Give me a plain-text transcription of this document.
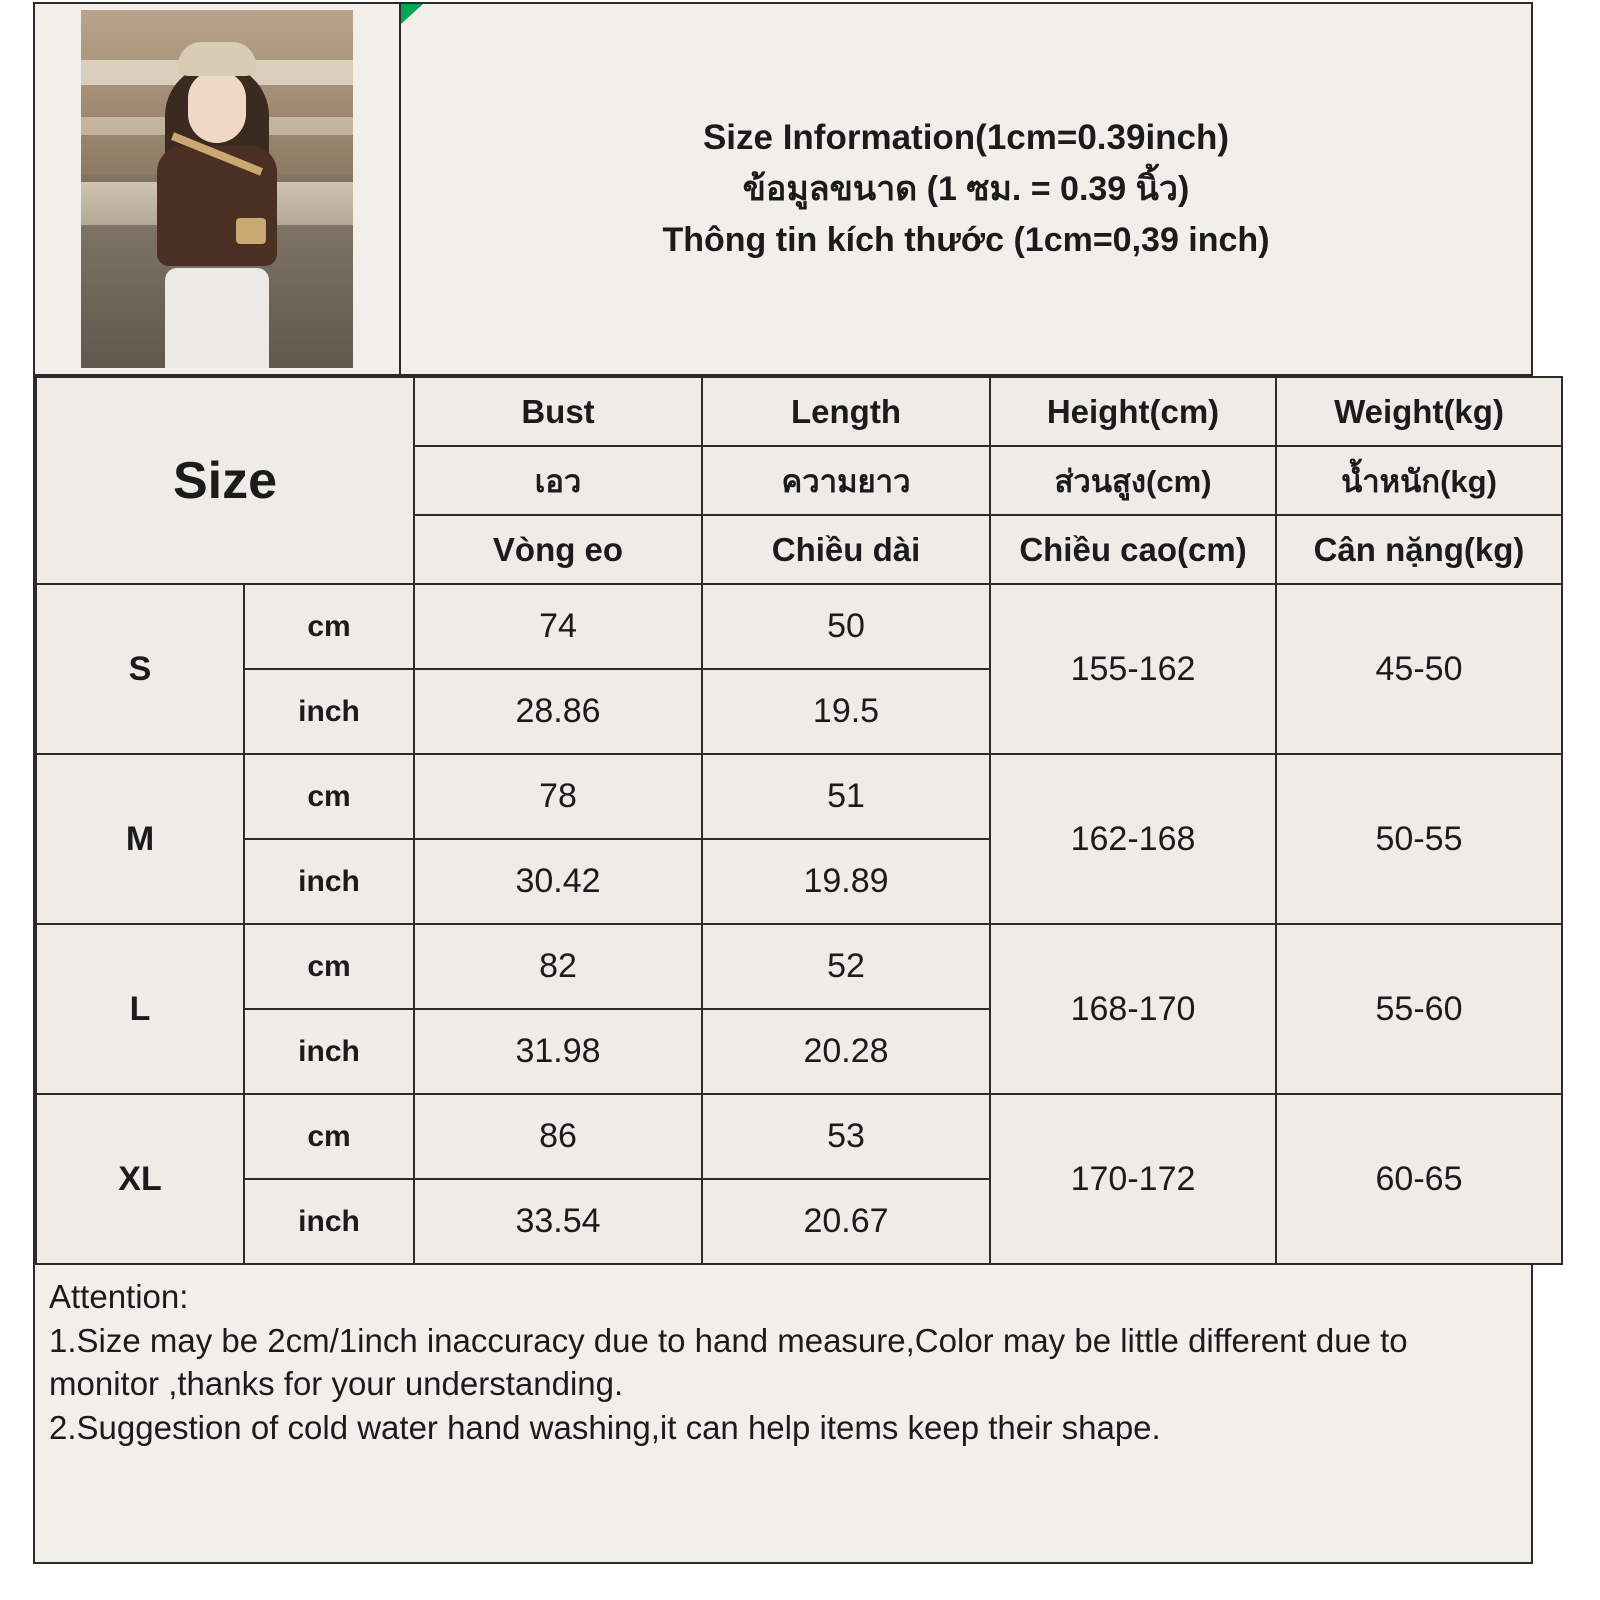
Size Information(1cm=0.39inch)
ข้อมูลขนาด (1 ซม. = 0.39 นิ้ว)
Thông tin kích thước (1cm=0,39 inch)
Size		Bust	Length	Height(cm)	Weight(kg)
		เอว	ความยาว	ส่วนสูง(cm)	น้ำหนัก(kg)
		Vòng eo	Chiều dài	Chiều cao(cm)	Cân nặng(kg)
S	cm	74	50	155-162	45-50
	inch	28.86	19.5		
M	cm	78	51	162-168	50-55
	inch	30.42	19.89		
L	cm	82	52	168-170	55-60
	inch	31.98	20.28		
XL	cm	86	53	170-172	60-65
	inch	33.54	20.67		
Attention:
1.Size may be 2cm/1inch inaccuracy due to hand measure,Color may be little different due to monitor ,thanks for your understanding.
2.Suggestion of cold water hand washing,it can help items keep their shape.
